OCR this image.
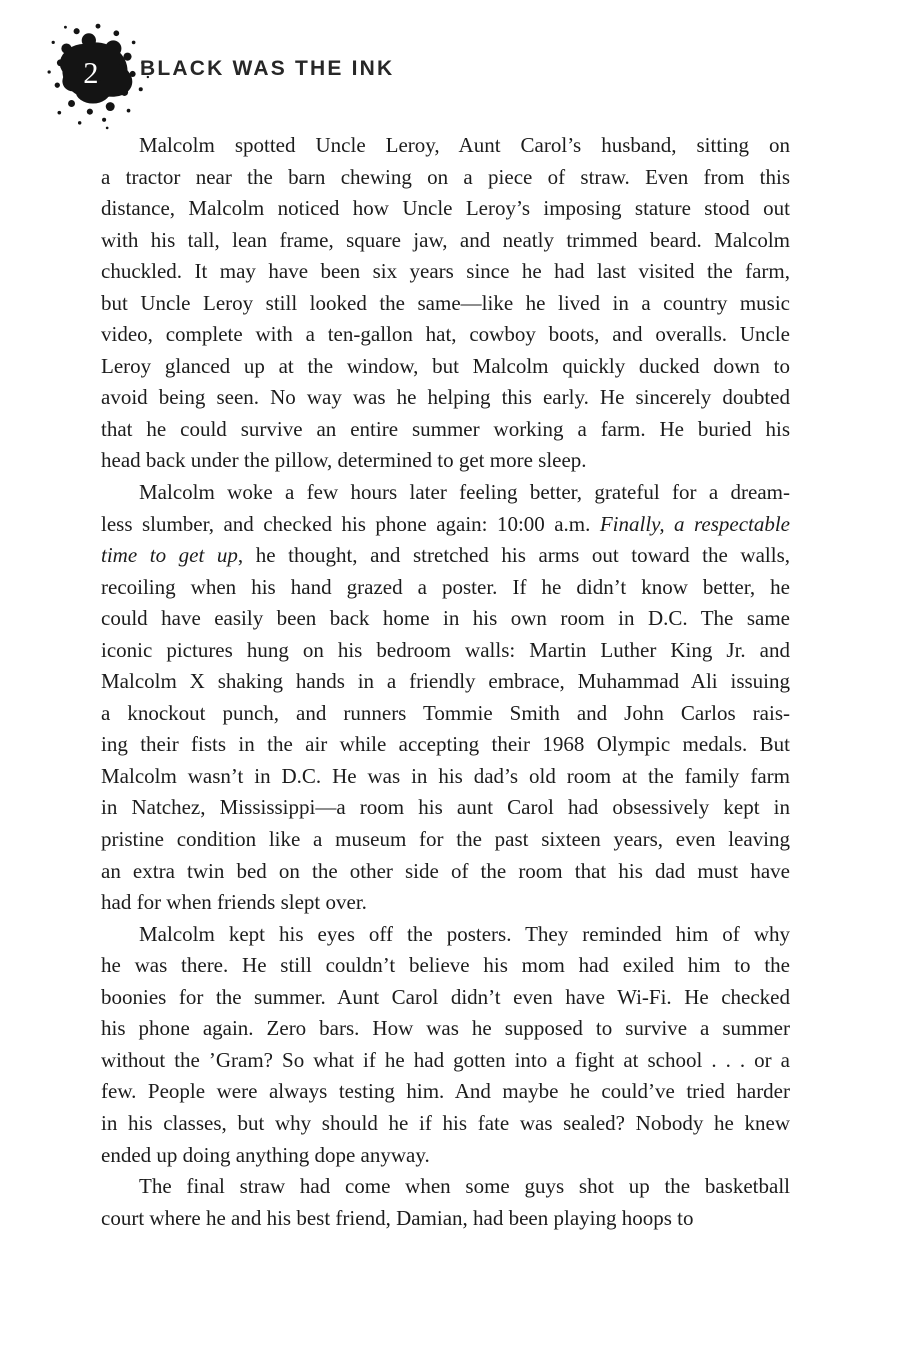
2 BLACK WAS THE INK
Malcolm spotted Uncle Leroy, Aunt Carol’s husband, sitting on
a tractor near the barn chewing on a piece of straw. Even from this
distance, Malcolm noticed how Uncle Leroy’s imposing stature stood out
with his tall, lean frame, square jaw, and neatly trimmed beard. Malcolm
chuckled. It may have been six years since he had last visited the farm,
but Uncle Leroy still looked the same—like he lived in a country music
video, complete with a ten-gallon hat, cowboy boots, and overalls. Uncle
Leroy glanced up at the window, but Malcolm quickly ducked down to
avoid being seen. No way was he helping this early. He sincerely doubted
that he could survive an entire summer working a farm. He buried his
head back under the pillow, determined to get more sleep.
Malcolm woke a few hours later feeling better, grateful for a dream-
less slumber, and checked his phone again: 10:00 a.m. Finally, a respectable
time to get up, he thought, and stretched his arms out toward the walls,
recoiling when his hand grazed a poster. If he didn’t know better, he
could have easily been back home in his own room in D.C. The same
iconic pictures hung on his bedroom walls: Martin Luther King Jr. and
Malcolm X shaking hands in a friendly embrace, Muhammad Ali issuing
a knockout punch, and runners Tommie Smith and John Carlos rais-
ing their fists in the air while accepting their 1968 Olympic medals. But
Malcolm wasn’t in D.C. He was in his dad’s old room at the family farm
in Natchez, Mississippi—a room his aunt Carol had obsessively kept in
pristine condition like a museum for the past sixteen years, even leaving
an extra twin bed on the other side of the room that his dad must have
had for when friends slept over.
Malcolm kept his eyes off the posters. They reminded him of why
he was there. He still couldn’t believe his mom had exiled him to the
boonies for the summer. Aunt Carol didn’t even have Wi-Fi. He checked
his phone again. Zero bars. How was he supposed to survive a summer
without the ’Gram? So what if he had gotten into a fight at school . . . or a
few. People were always testing him. And maybe he could’ve tried harder
in his classes, but why should he if his fate was sealed? Nobody he knew
ended up doing anything dope anyway.
The final straw had come when some guys shot up the basketball
court where he and his best friend, Damian, had been playing hoops to
